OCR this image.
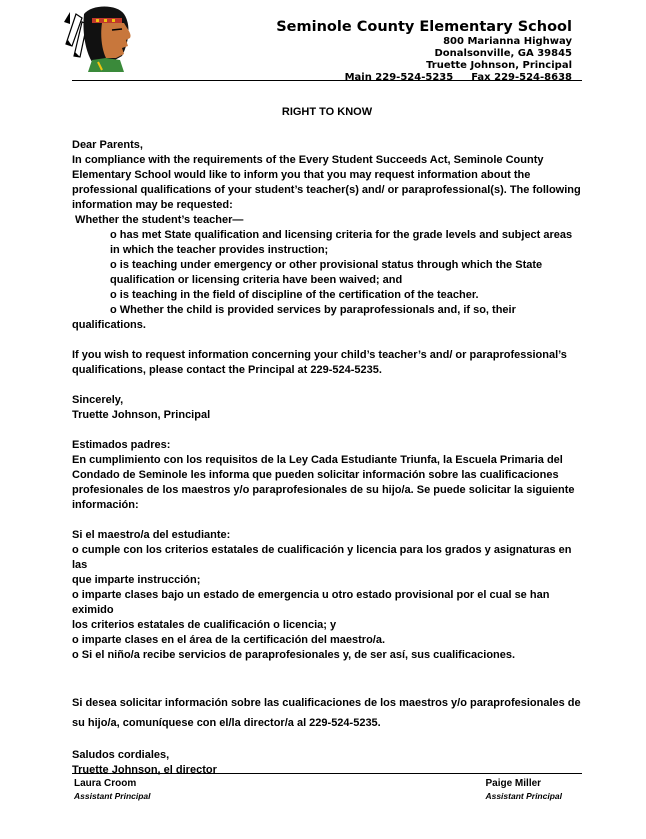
Seminole County Elementary School
800 Marianna Highway
Donalsonville, GA 39845
Truette Johnson, Principal
Main 229-524-5235 Fax 229-524-8638
RIGHT TO KNOW
Dear Parents,
In compliance with the requirements of the Every Student Succeeds Act, Seminole County
Elementary School would like to inform you that you may request information about the
professional qualifications of your student’s teacher(s) and/ or paraprofessional(s). The following
information may be requested:
Whether the student’s teacher—
o has met State qualification and licensing criteria for the grade levels and subject areas
in which the teacher provides instruction;
o is teaching under emergency or other provisional status through which the State
qualification or licensing criteria have been waived; and
o is teaching in the field of discipline of the certification of the teacher.
o Whether the child is provided services by paraprofessionals and, if so, their
qualifications.
If you wish to request information concerning your child’s teacher’s and/ or paraprofessional’s
qualifications, please contact the Principal at 229-524-5235.
Sincerely,
Truette Johnson, Principal
Estimados padres:
En cumplimiento con los requisitos de la Ley Cada Estudiante Triunfa, la Escuela Primaria del
Condado de Seminole les informa que pueden solicitar información sobre las cualificaciones
profesionales de los maestros y/o paraprofesionales de su hijo/a. Se puede solicitar la siguiente
información:
Si el maestro/a del estudiante:
o cumple con los criterios estatales de cualificación y licencia para los grados y asignaturas en las
que imparte instrucción;
o imparte clases bajo un estado de emergencia u otro estado provisional por el cual se han eximido
los criterios estatales de cualificación o licencia; y
o imparte clases en el área de la certificación del maestro/a.
o Si el niño/a recibe servicios de paraprofesionales y, de ser así, sus cualificaciones.
Si desea solicitar información sobre las cualificaciones de los maestros y/o paraprofesionales de
su hijo/a, comuníquese con el/la director/a al 229-524-5235.
Saludos cordiales,
Truette Johnson, el director
Laura Croom
Assistant Principal
Paige Miller
Assistant Principal
